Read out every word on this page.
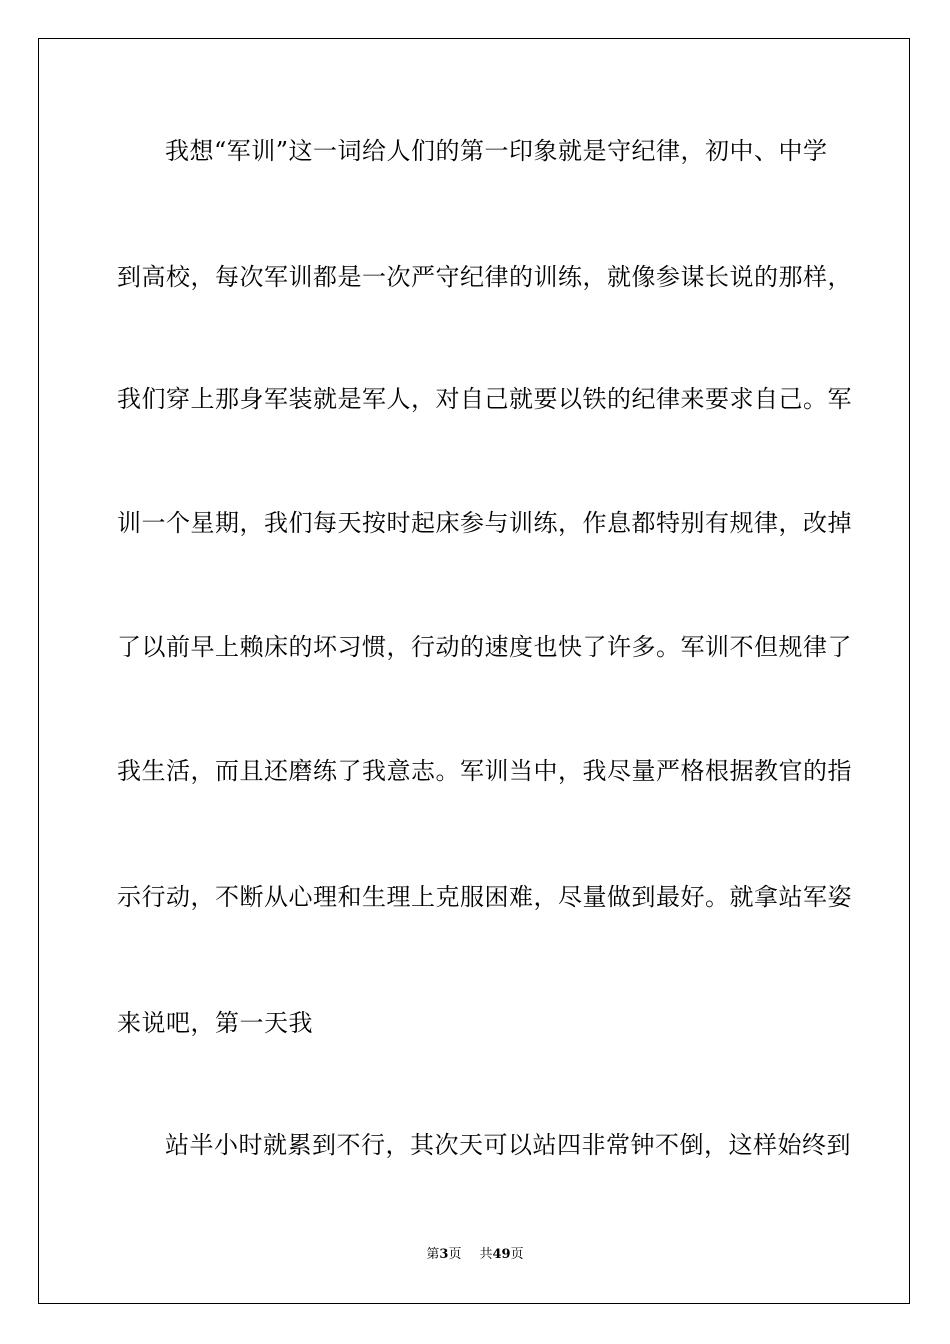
我想“军训”这一词给人们的第一印象就是守纪律，初中、中学
到高校，每次军训都是一次严守纪律的训练，就像参谋长说的那样，
我们穿上那身军装就是军人，对自己就要以铁的纪律来要求自己。军
训一个星期，我们每天按时起床参与训练，作息都特别有规律，改掉
了以前早上赖床的坏习惯，行动的速度也快了许多。军训不但规律了
我生活，而且还磨练了我意志。军训当中，我尽量严格根据教官的指
示行动，不断从心理和生理上克服困难，尽量做到最好。就拿站军姿
来说吧，第一天我
站半小时就累到不行，其次天可以站四非常钟不倒，这样始终到
第3页 共49页
